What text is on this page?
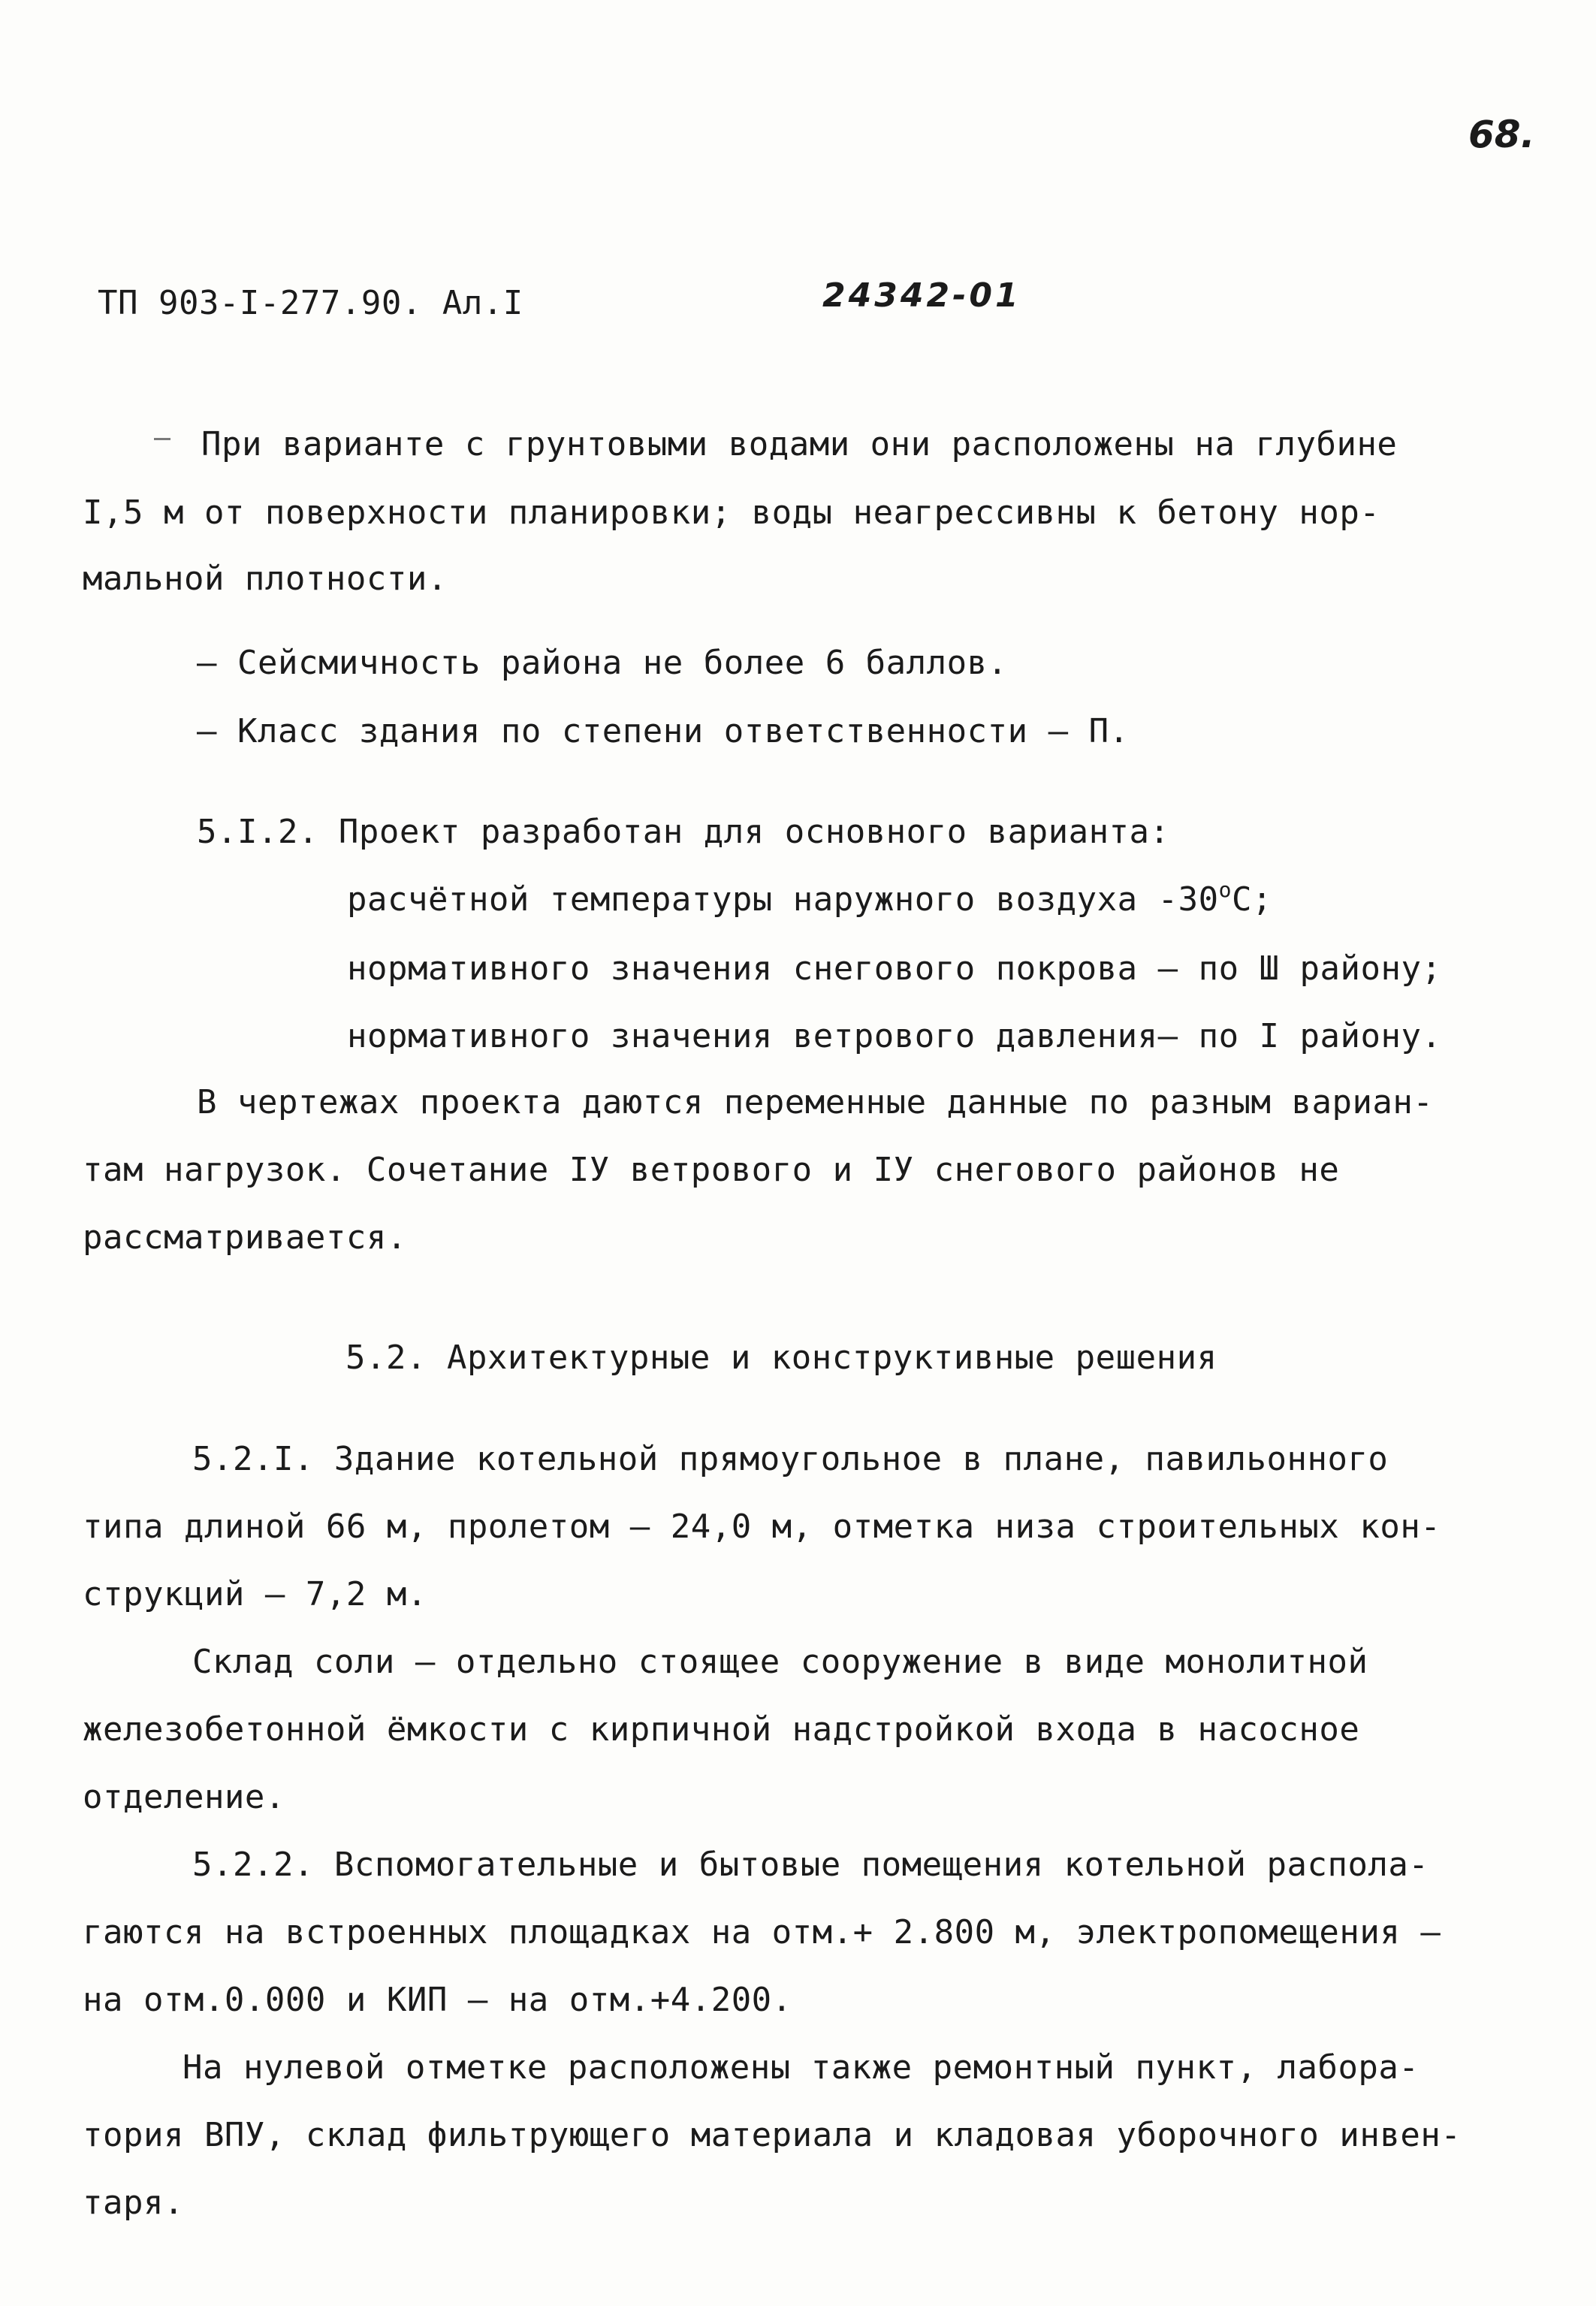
68.
ТП 903-I-277.90. Ал.I	24342-01
При варианте с грунтовыми водами они расположены на глубине
I,5 м от поверхности планировки; воды неагрессивны к бетону нор-
мальной плотности.
– Сейсмичность района не более 6 баллов.
– Класс здания по степени ответственности – П.
5.I.2. Проект разработан для основного варианта:
расчётной температуры наружного воздуха $-30^оС$;
нормативного значения снегового покрова – по Ш району;
нормативного значения ветрового давления– по I району.
В чертежах проекта даются переменные данные по разным вариан-
там нагрузок. Сочетание IУ ветрового и IУ снегового районов не
рассматривается.
5.2. Архитектурные и конструктивные решения
5.2.I. Здание котельной прямоугольное в плане, павильонного
типа длиной 66 м, пролетом – 24,0 м, отметка низа строительных кон-
струкций – 7,2 м.
Склад соли – отдельно стоящее сооружение в виде монолитной
железобетонной ёмкости с кирпичной надстройкой входа в насосное
отделение.
5.2.2. Вспомогательные и бытовые помещения котельной распола-
гаются на встроенных площадках на отм.+ 2.800 м, электропомещения –
на отм.0.000 и КИП – на отм.+4.200.
На нулевой отметке расположены также ремонтный пункт, лабора-
тория ВПУ, склад фильтрующего материала и кладовая уборочного инвен-
таря.
